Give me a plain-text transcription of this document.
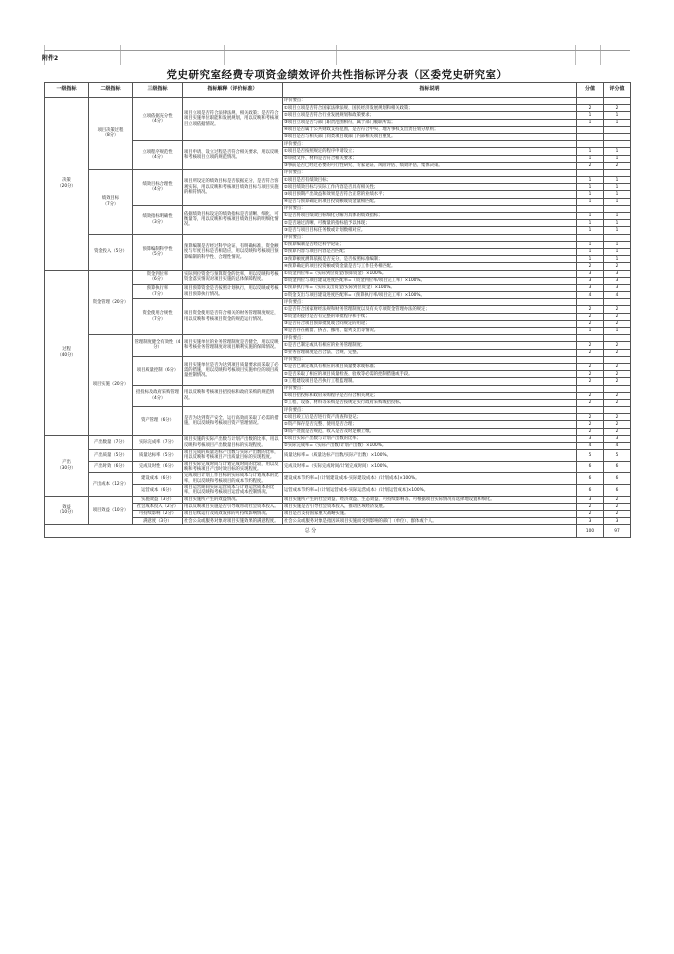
附件2
党史研究室经费专项资金绩效评价共性指标评分表（区委党史研究室）
一级指标	二级指标	三级指标	指标解释（评价标准）	指标说明	分值	评分值
决策
（20分）	项目决策过程
（8分）	立项依据充分性
（4分）	项目立项是否符合法律法规、相关政策；是否符合项目实施单位职能和发展规划，用以反映和考核项目立项依据情况。	评价要点：		
				①项目立项是否符合国家法律法规、国民经济发展规划和相关政策；	2	2
				②项目立项是否符合行业发展规划和政策要求；	1	1
				③项目立项是否与部门职责范围相符，属于部门履职所需；	1	1
				④项目是否属于公共财政支持范围，是否符合中央、地方事权支出责任划分原则；		
				⑤项目是否与相关部门同类项目或部门内部相关项目重复。		
		立项程序规范性
（4分）	项目申请、设立过程是否符合相关要求，用以反映和考核项目立项的规范情况。	评价要点：		
				①项目是否按照规定的程序申请设立；	1	1
				②审批文件、材料是否符合相关要求；	1	1
				③事前是否已经过必要的可行性研究、专家论证、风险评估、绩效评估、集体决策。	2	2
	绩效目标
（7分）	绩效目标合理性
（4分）	项目所设定的绩效目标是否依据充分，是否符合客观实际，用以反映和考核项目绩效目标与项目实施的相符情况。	评价要点：		
				①项目是否有绩效目标；	1	1
				②项目绩效目标与实际工作内容是否具有相关性；	1	1
				③项目预期产出效益和效果是否符合正常的业绩水平；	1	1
				④是否与预算确定的项目投资额或资金量相匹配。	1	1
		绩效指标明确性
（3分）	依据绩效目标设定的绩效指标是否清晰、细化、可衡量等，用以反映和考核项目绩效目标的明细化情况。	评价要点：		
				①是否将项目绩效目标细化分解为具体的绩效指标；	1	1
				②是否通过清晰、可衡量的指标值予以体现；	1	1
				③是否与项目目标任务数或计划数相对应。	1	1
	资金投入（5分）	预算编制科学性
（5分）	预算编制是否经过科学论证、有明确标准，资金额度与年度目标是否相适应，用以反映和考核项目预算编制的科学性、合理性情况。	评价要点：		
				①预算编制是否经过科学论证；	1	1
				②预算内容与项目内容是否匹配；	1	1
				③预算额度测算依据是否充分，是否按照标准编制；	1	1
				④预算确定的项目投资额或资金量是否与工作任务相匹配。	2	2
过程
（40分）	资金管理（20分）	资金到位率
（6分）	实际到位资金与预算资金的比率，用以反映和考核资金落实情况对项目实施的总体保障程度。	①资金到位率=（实际到位资金/预算资金）×100%。	3	3
				②资金到位与项目建设进度匹配率=（资金到位率/项目完工率）×100%。	3	3
		预算执行率
（7分）	项目预算资金是否按照计划执行，用以反映或考核项目预算执行情况。	①预算执行率=（实际支出资金/实际到位资金）×100%。	3	3
				②资金支出与项目建设进度匹配率=（预算执行率/项目完工率）×100%。	4	4
		资金使用合规性
（7分）	项目资金使用是否符合相关的财务管理制度规定，用以反映和考核项目资金的规范运行情况。	评价要点：		
				①是否符合国家财经法规和财务管理制度以及有关专项资金管理办法的规定；	2	2
				②资金的拨付是否有完整的审批程序和手续；	2	2
				③是否符合项目预算批复或合同规定的用途；	2	2
				④是否存在截留、挤占、挪用、虚列支出等情况。	1	1
	项目实施（20分）	管理制度健全有效性（4分）	项目实施单位的业务管理制度是否健全，用以反映和考核业务管理制度对项目顺利实施的保障情况。	评价要点：		
				①是否已制定或具有相应的业务管理制度；	2	2
				②业务管理制度是否合法、合规、完整。	2	2
		项目质量控制（6分）	项目实施单位是否为达到项目质量要求而采取了必需的措施，用以反映和考核项目实施单位的项目质量控制情况。	评价要点：		
				①是否已制定或具有相应的项目质量要求或标准；	2	2
				②是否采取了相应的项目质量检查、验收等必需的控制措施或手段。	2	2
				③工程建设项目是否执行工程监理制。	2	2
		招投标及政府采购管理（4分）	用以反映和考核项目招投标和政府采购的规范情况。	评价要点：		
				①项目招投标和政府采购程序是否符合相关规定；	2	2
				②工程、设备、材料等采购是否按规定实行政府采购或招投标。	2	2
		资产管理（6分）	是否为达到资产安全、运行高效而采取了必需的措施，用以反映和考核项目资产管理情况。	评价要点：		
				①项目竣工后是否进行资产清查和登记；	2	2
				②资产保存是否完整、使用是否合理；	2	2
				③资产处置是否规范，收入是否及时足额上缴。	2	2
产出
（30分）	产出数量（7分）	实际完成率（7分）	项目实施的实际产出数与计划产出数的比率，用以反映和考核项目产出数量目标的实现程度。	①项目实际产出数与计划产出数的比率；	3	3
				②实际完成率=（实际产出数/计划产出数）×100%。	4	4
	产出质量（5分）	质量达标率（5分）	项目完成的质量达标产出数与实际产出数的比率，用以反映和考核项目产出质量目标的实现程度。	质量达标率=（质量达标产出数/实际产出数）×100%。	5	5
	产出时效（6分）	完成及时性（6分）	项目实际完成时间与计划完成时间的比较，用以反映和考核项目产出时效目标的实现程度。	完成及时率=（实际完成时间/计划完成时间）×100%。	6	6
	产出成本（12分）	建设成本（6分）	完成项目计划工作目标的实际成本与计划成本的比率，用以反映和考核项目的成本节约程度。	建设成本节约率=[（计划建设成本-实际建设成本）/计划成本]×100%。	6	6
		运营成本（6分）	项目运营期间实际运营成本与计划运营成本的比率，用以反映和考核项目运营成本控制情况。	运营成本节约率=[（计划运营成本-实际运营成本）/计划运营成本]×100%。	6	6
效益
（10分）	项目效益（10分）	实施效益（3分）	项目实施所产生的效益情况。	项目实施所产生的社会效益、经济效益、生态效益、可持续影响等。可根据项目实际情况有选择地设置和细化。	3	2
		社会成本投入（2分）	用以反映项目实施是否引导或带动社会资本投入。	项目实施是否引导社会资本投入，推动区域经济发展。	2	2
		可持续影响（2分）	项目后续运行及成效发挥的可持续影响情况。	项目是否支持国家重大战略实施。	2	2
		满意度（3分）	社会公众或服务对象对项目实施效果的满意程度。	社会公众或服务对象是指因该项目实施而受到影响的部门（单位）、群体或个人。	3	3
总 分					100	97
